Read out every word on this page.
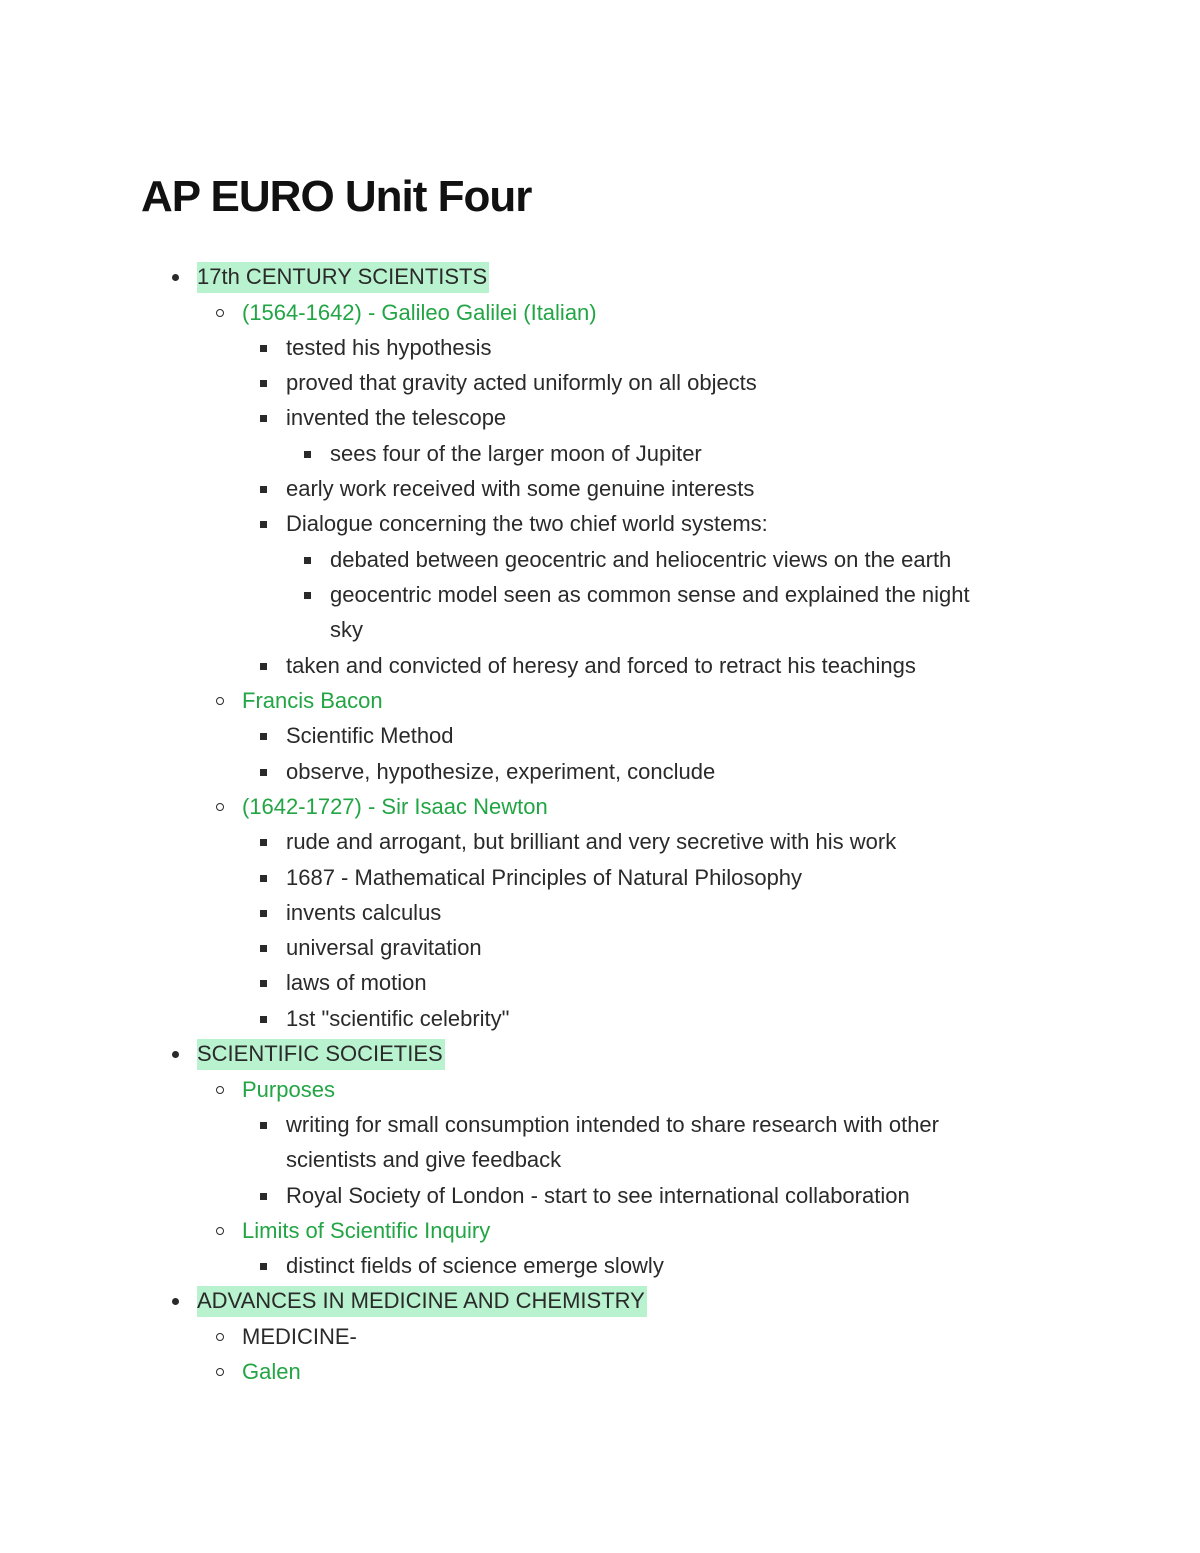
AP EURO Unit Four
17th CENTURY SCIENTISTS
(1564-1642) - Galileo Galilei (Italian)
tested his hypothesis
proved that gravity acted uniformly on all objects
invented the telescope
sees four of the larger moon of Jupiter
early work received with some genuine interests
Dialogue concerning the two chief world systems:
debated between geocentric and heliocentric views on the earth
geocentric model seen as common sense and explained the night
sky
taken and convicted of heresy and forced to retract his teachings
Francis Bacon
Scientific Method
observe, hypothesize, experiment, conclude
(1642-1727) - Sir Isaac Newton
rude and arrogant, but brilliant and very secretive with his work
1687 - Mathematical Principles of Natural Philosophy
invents calculus
universal gravitation
laws of motion
1st "scientific celebrity"
SCIENTIFIC SOCIETIES
Purposes
writing for small consumption intended to share research with other
scientists and give feedback
Royal Society of London - start to see international collaboration
Limits of Scientific Inquiry
distinct fields of science emerge slowly
ADVANCES IN MEDICINE AND CHEMISTRY
MEDICINE-
Galen
